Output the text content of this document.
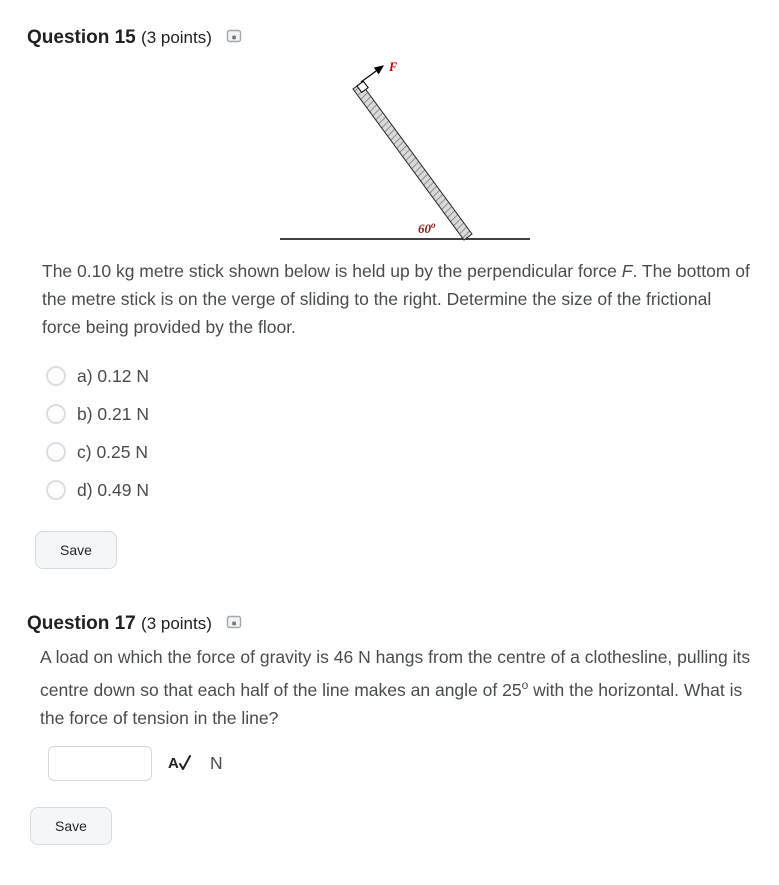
Question 15 (3 points)
F
60$^o$

The 0.10 kg metre stick shown below is held up by the perpendicular force F. The bottom of the metre stick is on the verge of sliding to the right. Determine the size of the frictional force being provided by the floor.

a) 0.12 N
b) 0.21 N
c) 0.25 N
d) 0.49 N
Save
Question 17 (3 points)

A load on which the force of gravity is 46 N hangs from the centre of a clothesline, pulling its centre down so that each half of the line makes an angle of 25$^o$ with the horizontal. What is the force of tension in the line?

A N
Save
